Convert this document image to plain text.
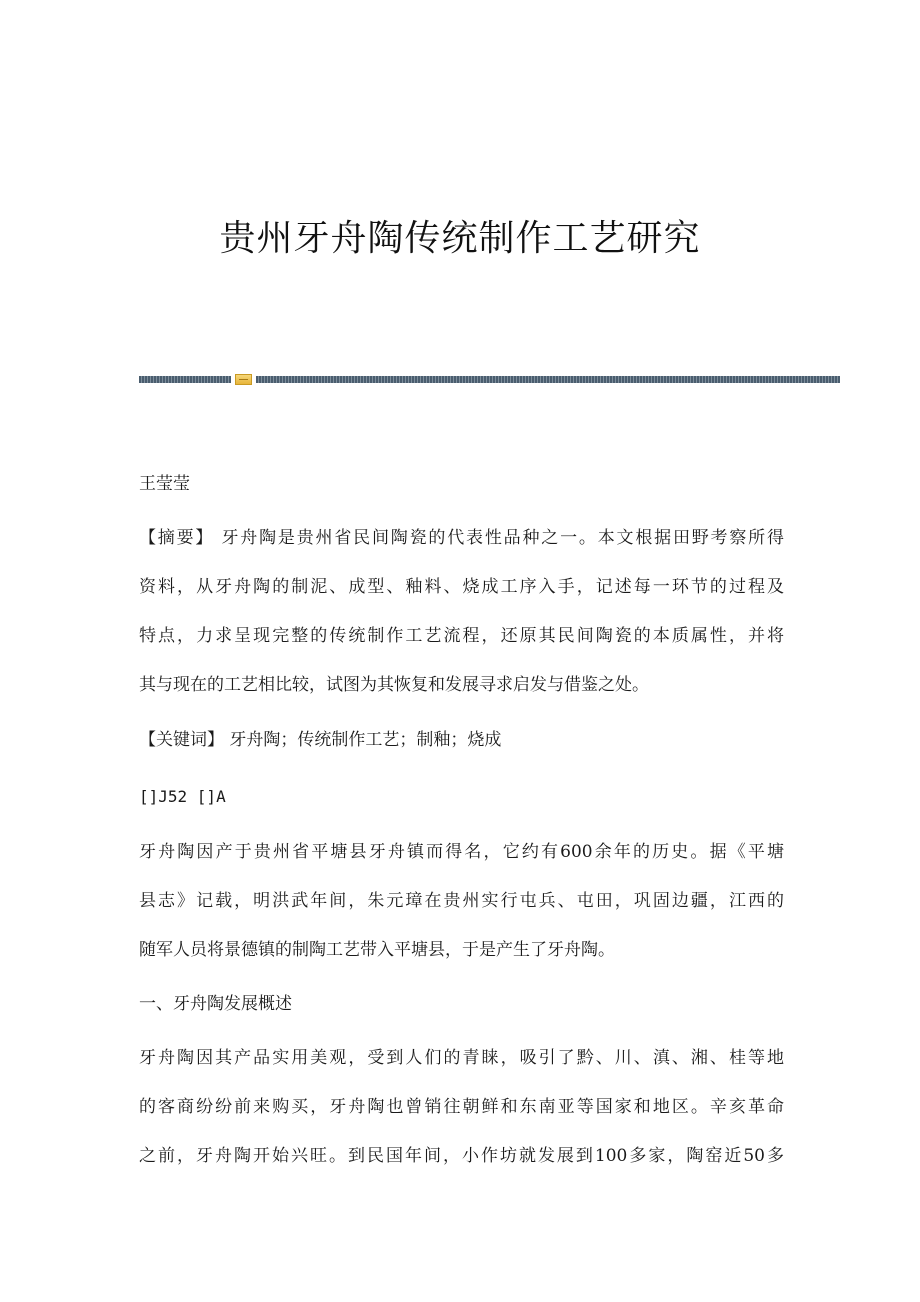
贵州牙舟陶传统制作工艺研究

王莹莹

【摘要】 牙舟陶是贵州省民间陶瓷的代表性品种之一。本文根据田野考察所得
资料，从牙舟陶的制泥、成型、釉料、烧成工序入手，记述每一环节的过程及
特点，力求呈现完整的传统制作工艺流程，还原其民间陶瓷的本质属性，并将
其与现在的工艺相比较，试图为其恢复和发展寻求启发与借鉴之处。

【关键词】 牙舟陶；传统制作工艺；制釉；烧成

[]J52 []A

牙舟陶因产于贵州省平塘县牙舟镇而得名，它约有600余年的历史。据《平塘
县志》记载，明洪武年间，朱元璋在贵州实行屯兵、屯田，巩固边疆，江西的
随军人员将景德镇的制陶工艺带入平塘县，于是产生了牙舟陶。

一、牙舟陶发展概述

牙舟陶因其产品实用美观，受到人们的青睐，吸引了黔、川、滇、湘、桂等地
的客商纷纷前来购买，牙舟陶也曾销往朝鲜和东南亚等国家和地区。辛亥革命
之前，牙舟陶开始兴旺。到民国年间，小作坊就发展到100多家，陶窑近50多
